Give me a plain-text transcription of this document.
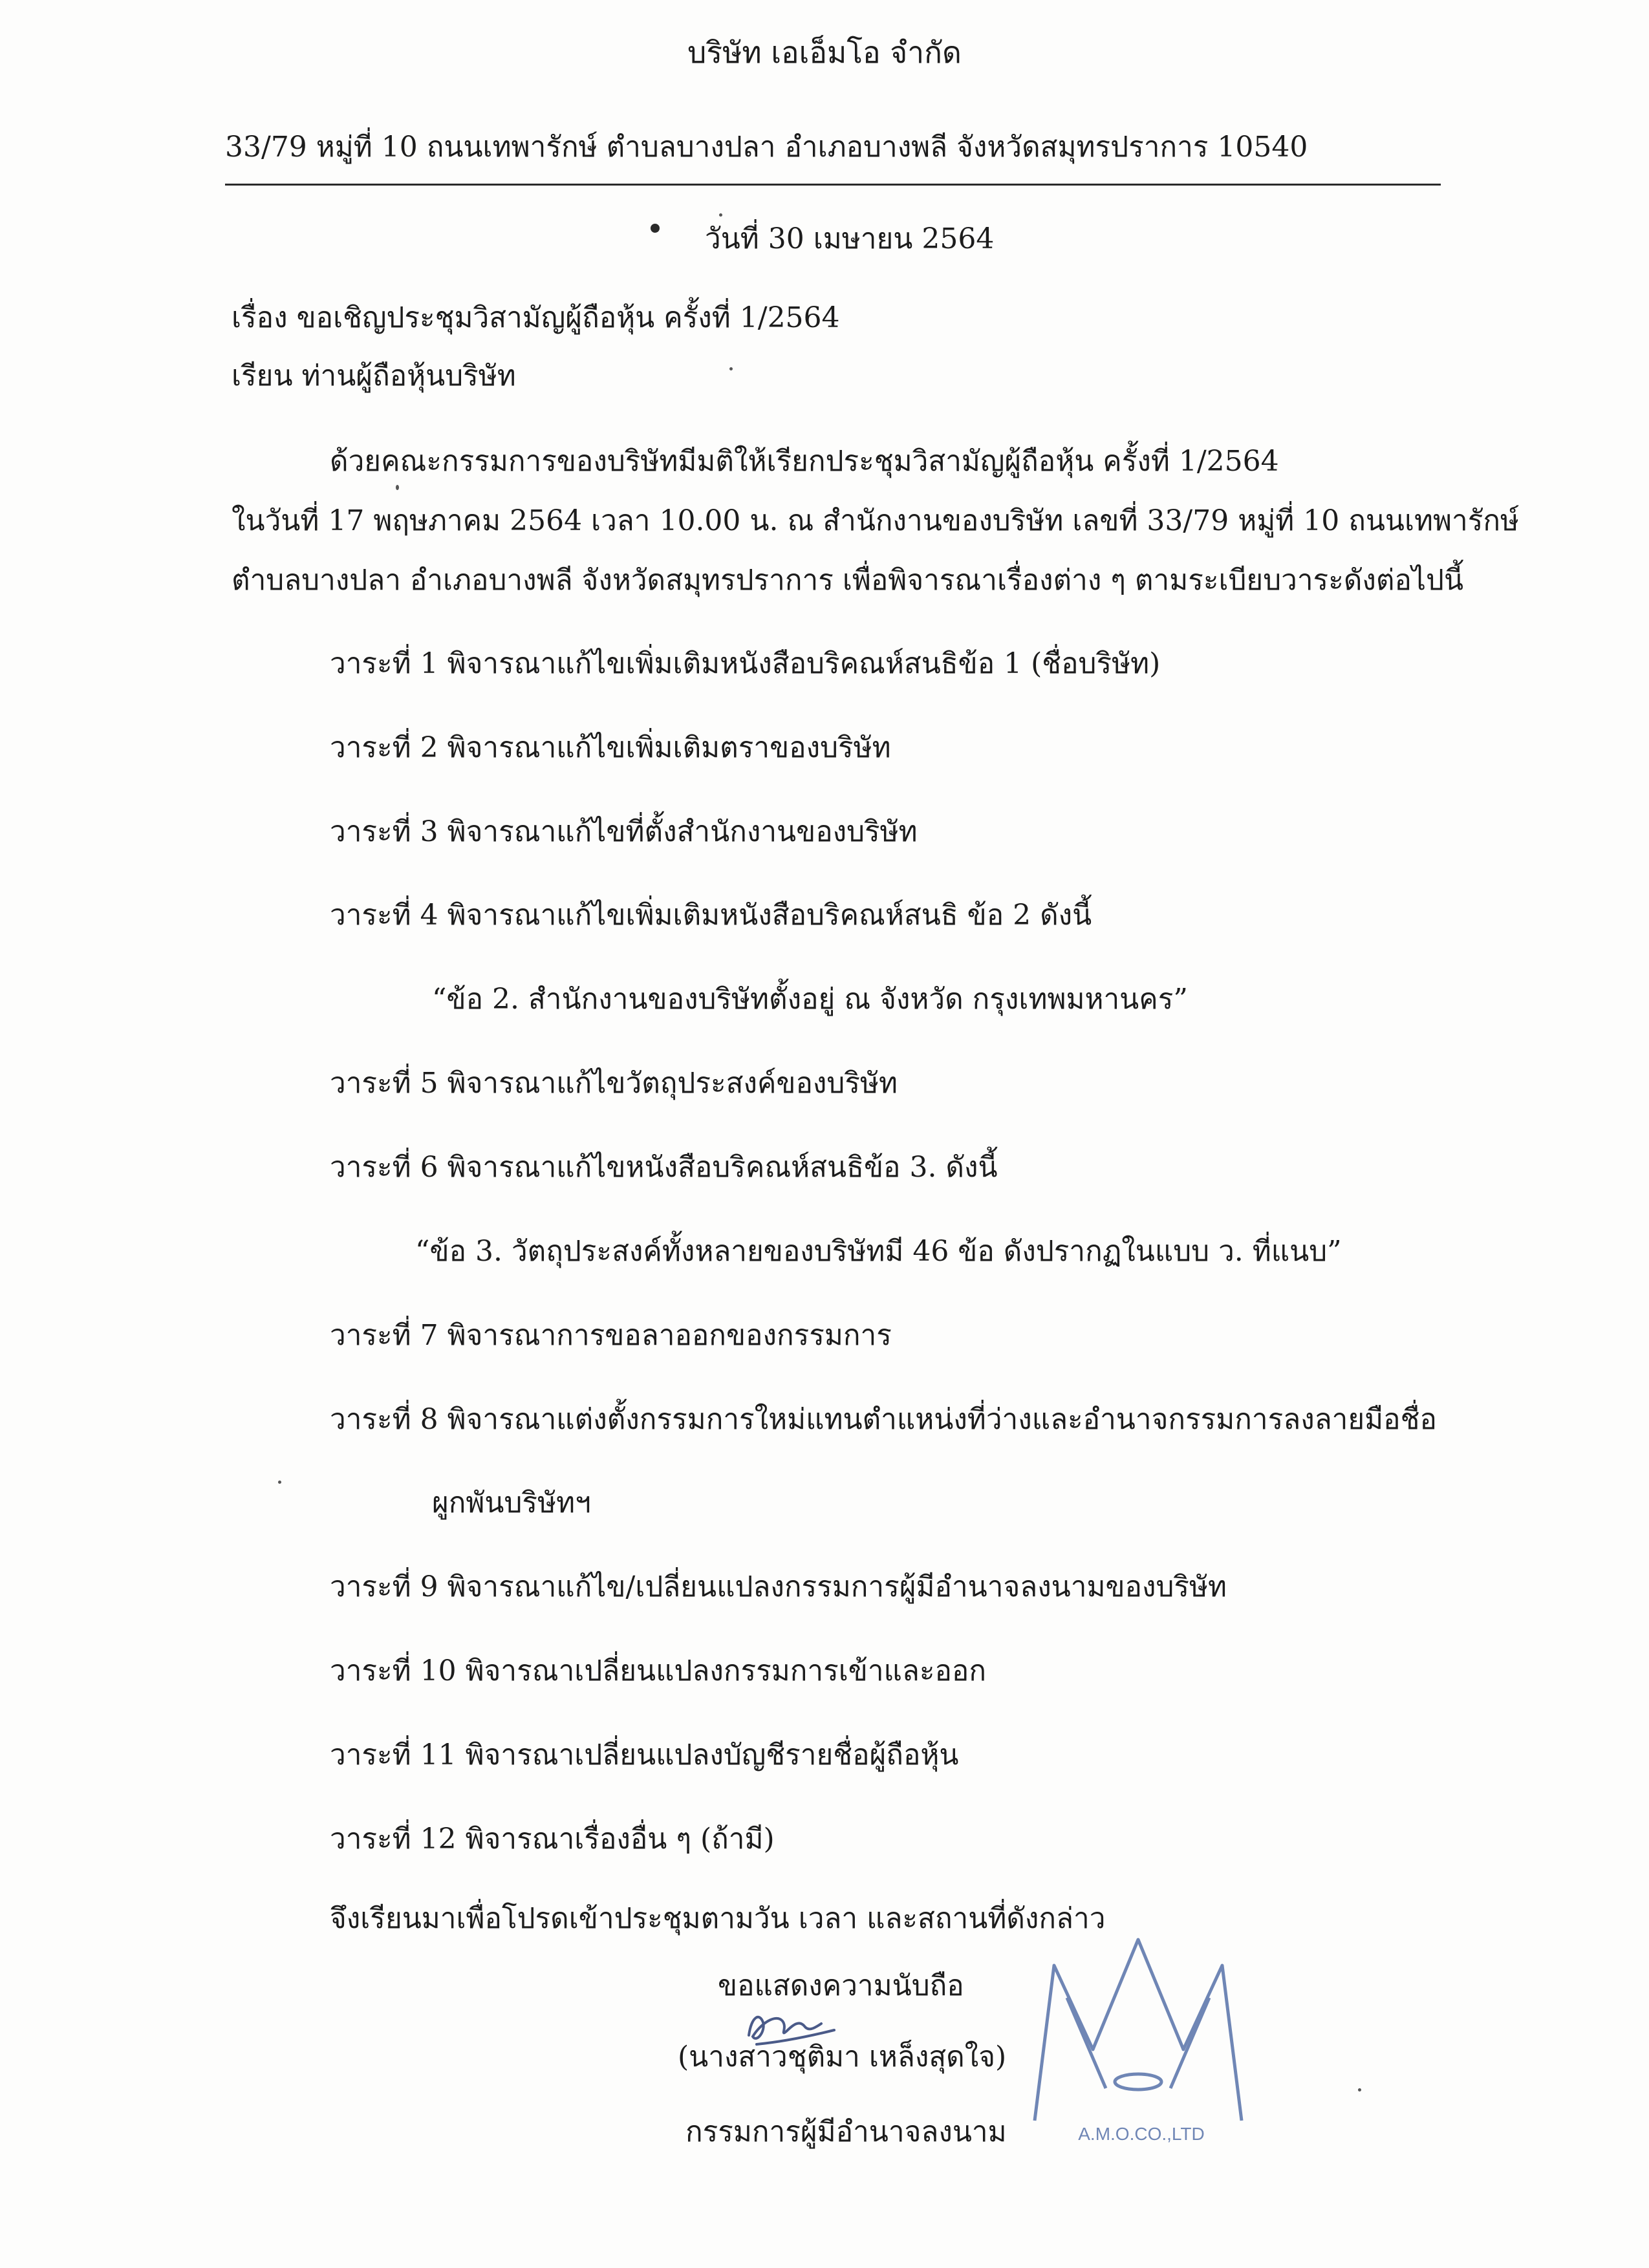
บริษัท เอเอ็มโอ จำกัด
33/79 หมู่ที่ 10 ถนนเทพารักษ์ ตำบลบางปลา อำเภอบางพลี จังหวัดสมุทรปราการ 10540
วันที่ 30 เมษายน 2564
เรื่อง ขอเชิญประชุมวิสามัญผู้ถือหุ้น ครั้งที่ 1/2564
เรียน ท่านผู้ถือหุ้นบริษัท
ด้วยคณะกรรมการของบริษัทมีมติให้เรียกประชุมวิสามัญผู้ถือหุ้น ครั้งที่ 1/2564
ในวันที่ 17 พฤษภาคม 2564 เวลา 10.00 น. ณ สำนักงานของบริษัท เลขที่ 33/79 หมู่ที่ 10 ถนนเทพารักษ์
ตำบลบางปลา อำเภอบางพลี จังหวัดสมุทรปราการ เพื่อพิจารณาเรื่องต่าง ๆ ตามระเบียบวาระดังต่อไปนี้
วาระที่ 1 พิจารณาแก้ไขเพิ่มเติมหนังสือบริคณห์สนธิข้อ 1 (ชื่อบริษัท)
วาระที่ 2 พิจารณาแก้ไขเพิ่มเติมตราของบริษัท
วาระที่ 3 พิจารณาแก้ไขที่ตั้งสำนักงานของบริษัท
วาระที่ 4 พิจารณาแก้ไขเพิ่มเติมหนังสือบริคณห์สนธิ ข้อ 2 ดังนี้
“ข้อ 2. สำนักงานของบริษัทตั้งอยู่ ณ จังหวัด กรุงเทพมหานคร”
วาระที่ 5 พิจารณาแก้ไขวัตถุประสงค์ของบริษัท
วาระที่ 6 พิจารณาแก้ไขหนังสือบริคณห์สนธิข้อ 3. ดังนี้
“ข้อ 3. วัตถุประสงค์ทั้งหลายของบริษัทมี 46 ข้อ ดังปรากฏในแบบ ว. ที่แนบ”
วาระที่ 7 พิจารณาการขอลาออกของกรรมการ
วาระที่ 8 พิจารณาแต่งตั้งกรรมการใหม่แทนตำแหน่งที่ว่างและอำนาจกรรมการลงลายมือชื่อ
ผูกพันบริษัทฯ
วาระที่ 9 พิจารณาแก้ไข/เปลี่ยนแปลงกรรมการผู้มีอำนาจลงนามของบริษัท
วาระที่ 10 พิจารณาเปลี่ยนแปลงกรรมการเข้าและออก
วาระที่ 11 พิจารณาเปลี่ยนแปลงบัญชีรายชื่อผู้ถือหุ้น
วาระที่ 12 พิจารณาเรื่องอื่น ๆ (ถ้ามี)
จึงเรียนมาเพื่อโปรดเข้าประชุมตามวัน เวลา และสถานที่ดังกล่าว
ขอแสดงความนับถือ
(นางสาวชุติมา เหล็งสุดใจ)
กรรมการผู้มีอำนาจลงนาม	A.M.O.CO.,LTD
